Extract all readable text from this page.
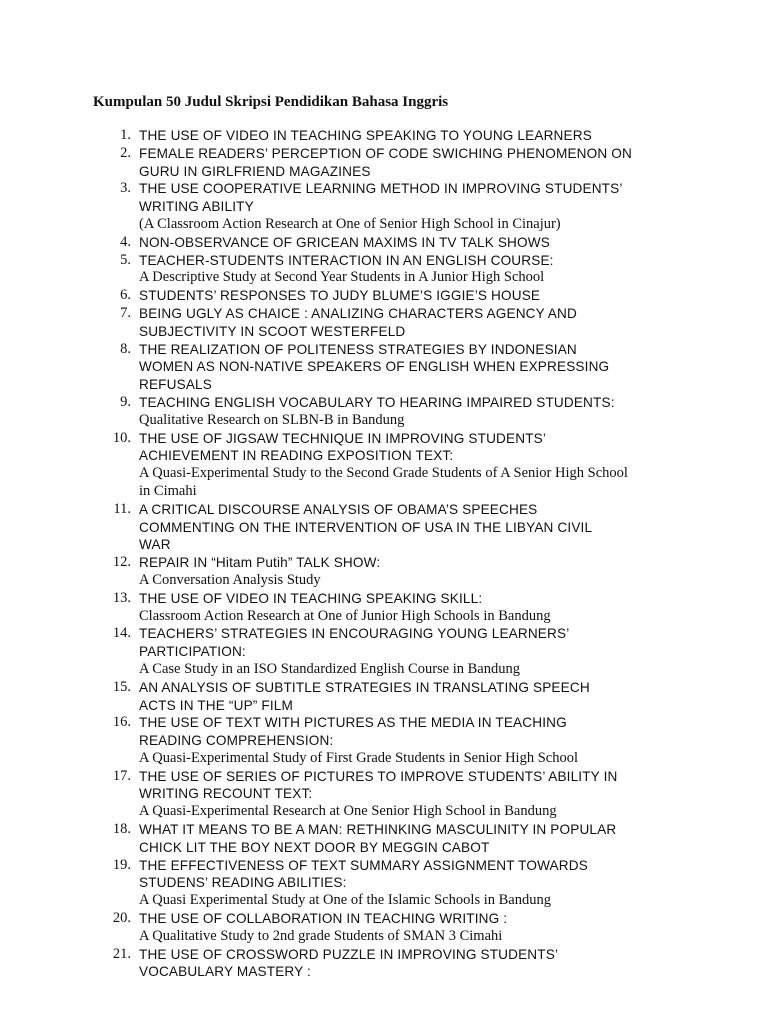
Kumpulan 50 Judul Skripsi Pendidikan Bahasa Inggris
1. THE USE OF VIDEO IN TEACHING SPEAKING TO YOUNG LEARNERS
2. FEMALE READERS’ PERCEPTION OF CODE SWICHING PHENOMENON ON
GURU IN GIRLFRIEND MAGAZINES
3. THE USE COOPERATIVE LEARNING METHOD IN IMPROVING STUDENTS’
WRITING ABILITY
(A Classroom Action Research at One of Senior High School in Cinajur)
4. NON-OBSERVANCE OF GRICEAN MAXIMS IN TV TALK SHOWS
5. TEACHER-STUDENTS INTERACTION IN AN ENGLISH COURSE:
A Descriptive Study at Second Year Students in A Junior High School
6. STUDENTS’ RESPONSES TO JUDY BLUME’S IGGIE’S HOUSE
7. BEING UGLY AS CHAICE : ANALIZING CHARACTERS AGENCY AND
SUBJECTIVITY IN SCOOT WESTERFELD
8. THE REALIZATION OF POLITENESS STRATEGIES BY INDONESIAN
WOMEN AS NON-NATIVE SPEAKERS OF ENGLISH WHEN EXPRESSING
REFUSALS
9. TEACHING ENGLISH VOCABULARY TO HEARING IMPAIRED STUDENTS:
Qualitative Research on SLBN-B in Bandung
10. THE USE OF JIGSAW TECHNIQUE IN IMPROVING STUDENTS’
ACHIEVEMENT IN READING EXPOSITION TEXT:
A Quasi-Experimental Study to the Second Grade Students of A Senior High School
in Cimahi
11. A CRITICAL DISCOURSE ANALYSIS OF OBAMA’S SPEECHES
COMMENTING ON THE INTERVENTION OF USA IN THE LIBYAN CIVIL
WAR
12. REPAIR IN “Hitam Putih” TALK SHOW:
A Conversation Analysis Study
13. THE USE OF VIDEO IN TEACHING SPEAKING SKILL:
Classroom Action Research at One of Junior High Schools in Bandung
14. TEACHERS’ STRATEGIES IN ENCOURAGING YOUNG LEARNERS’
PARTICIPATION:
A Case Study in an ISO Standardized English Course in Bandung
15. AN ANALYSIS OF SUBTITLE STRATEGIES IN TRANSLATING SPEECH
ACTS IN THE “UP” FILM
16. THE USE OF TEXT WITH PICTURES AS THE MEDIA IN TEACHING
READING COMPREHENSION:
A Quasi-Experimental Study of First Grade Students in Senior High School
17. THE USE OF SERIES OF PICTURES TO IMPROVE STUDENTS’ ABILITY IN
WRITING RECOUNT TEXT:
A Quasi-Experimental Research at One Senior High School in Bandung
18. WHAT IT MEANS TO BE A MAN: RETHINKING MASCULINITY IN POPULAR
CHICK LIT THE BOY NEXT DOOR BY MEGGIN CABOT
19. THE EFFECTIVENESS OF TEXT SUMMARY ASSIGNMENT TOWARDS
STUDENS’ READING ABILITIES:
A Quasi Experimental Study at One of the Islamic Schools in Bandung
20. THE USE OF COLLABORATION IN TEACHING WRITING :
A Qualitative Study to 2nd grade Students of SMAN 3 Cimahi
21. THE USE OF CROSSWORD PUZZLE IN IMPROVING STUDENTS’
VOCABULARY MASTERY :
